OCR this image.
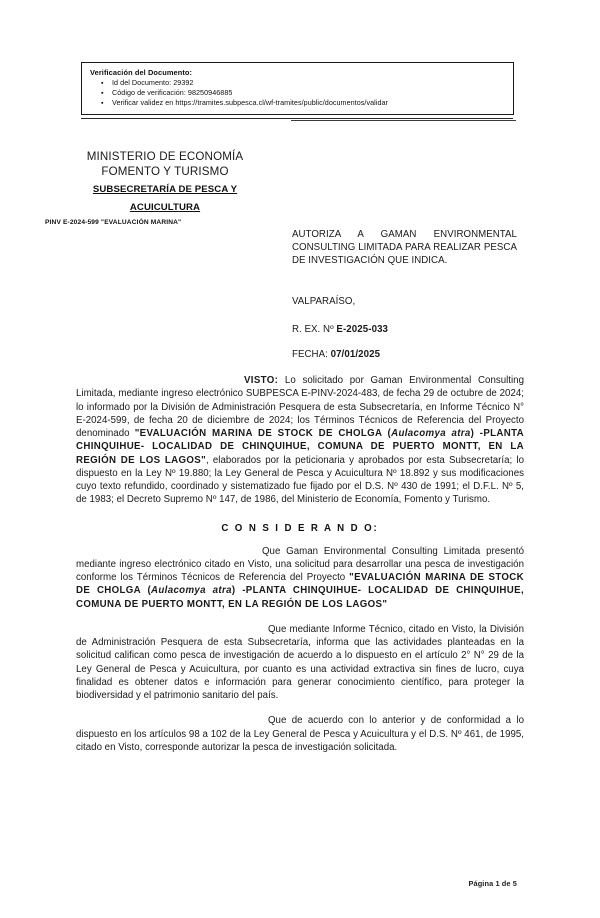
Verificación del Documento:
▪ Id del Documento: 29392
▪ Código de verificación: 98250946885
▪ Verificar validez en https://tramites.subpesca.cl/wf-tramites/public/documentos/validar
MINISTERIO DE ECONOMÍA
FOMENTO Y TURISMO
SUBSECRETARÍA DE PESCA Y
ACUICULTURA
PINV E-2024-599 "EVALUACIÓN MARINA"
AUTORIZA A GAMAN ENVIRONMENTAL CONSULTING LIMITADA PARA REALIZAR PESCA DE INVESTIGACIÓN QUE INDICA.
VALPARAÍSO,
R. EX. Nº E-2025-033
FECHA: 07/01/2025

VISTO: Lo solicitado por Gaman Environmental Consulting Limitada, mediante ingreso electrónico SUBPESCA E-PINV-2024-483, de fecha 29 de octubre de 2024; lo informado por la División de Administración Pesquera de esta Subsecretaría, en Informe Técnico N° E-2024-599, de fecha 20 de diciembre de 2024; los Términos Técnicos de Referencia del Proyecto denominado "EVALUACIÓN MARINA DE STOCK DE CHOLGA (Aulacomya atra) -PLANTA CHINQUIHUE- LOCALIDAD DE CHINQUIHUE, COMUNA DE PUERTO MONTT, EN LA REGIÓN DE LOS LAGOS", elaborados por la peticionaria y aprobados por esta Subsecretaría; lo dispuesto en la Ley Nº 19.880; la Ley General de Pesca y Acuicultura Nº 18.892 y sus modificaciones cuyo texto refundido, coordinado y sistematizado fue fijado por el D.S. Nº 430 de 1991; el D.F.L. Nº 5, de 1983; el Decreto Supremo Nº 147, de 1986, del Ministerio de Economía, Fomento y Turismo.

C O N S I D E R A N D O:

Que Gaman Environmental Consulting Limitada presentó mediante ingreso electrónico citado en Visto, una solicitud para desarrollar una pesca de investigación conforme los Términos Técnicos de Referencia del Proyecto "EVALUACIÓN MARINA DE STOCK DE CHOLGA (Aulacomya atra) -PLANTA CHINQUIHUE- LOCALIDAD DE CHINQUIHUE, COMUNA DE PUERTO MONTT, EN LA REGIÓN DE LOS LAGOS"

Que mediante Informe Técnico, citado en Visto, la División de Administración Pesquera de esta Subsecretaría, informa que las actividades planteadas en la solicitud califican como pesca de investigación de acuerdo a lo dispuesto en el artículo 2° N° 29 de la Ley General de Pesca y Acuicultura, por cuanto es una actividad extractiva sin fines de lucro, cuya finalidad es obtener datos e información para generar conocimiento científico, para proteger la biodiversidad y el patrimonio sanitario del país.

Que de acuerdo con lo anterior y de conformidad a lo dispuesto en los artículos 98 a 102 de la Ley General de Pesca y Acuicultura y el D.S. Nº 461, de 1995, citado en Visto, corresponde autorizar la pesca de investigación solicitada.

Página 1 de 5
